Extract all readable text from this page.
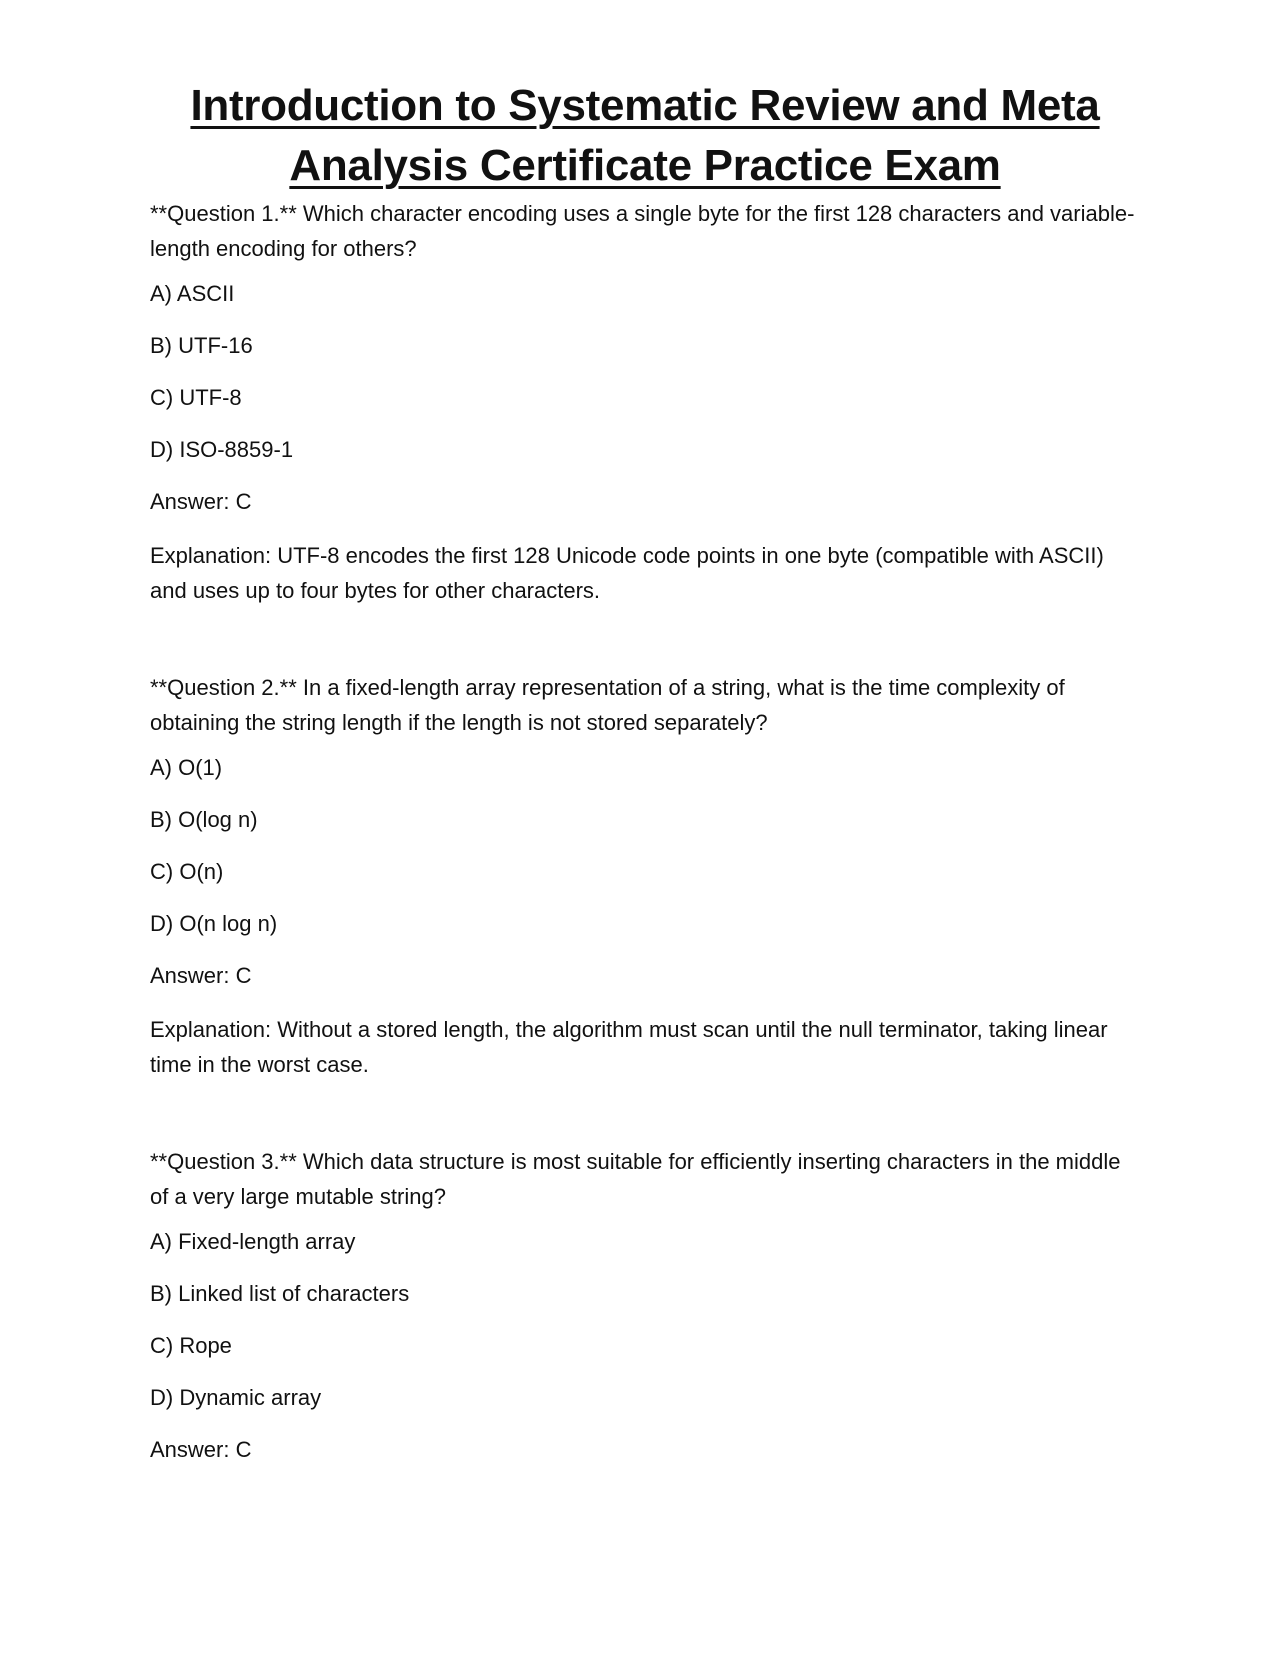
Introduction to Systematic Review and Meta
Analysis Certificate Practice Exam

**Question 1.** Which character encoding uses a single byte for the first 128 characters and variable-length encoding for others?

A) ASCII

B) UTF-16

C) UTF-8

D) ISO-8859-1

Answer: C

Explanation: UTF-8 encodes the first 128 Unicode code points in one byte (compatible with ASCII) and uses up to four bytes for other characters.

**Question 2.** In a fixed-length array representation of a string, what is the time complexity of obtaining the string length if the length is not stored separately?

A) O(1)

B) O(log n)

C) O(n)

D) O(n log n)

Answer: C

Explanation: Without a stored length, the algorithm must scan until the null terminator, taking linear time in the worst case.

**Question 3.** Which data structure is most suitable for efficiently inserting characters in the middle of a very large mutable string?

A) Fixed-length array

B) Linked list of characters

C) Rope

D) Dynamic array

Answer: C
